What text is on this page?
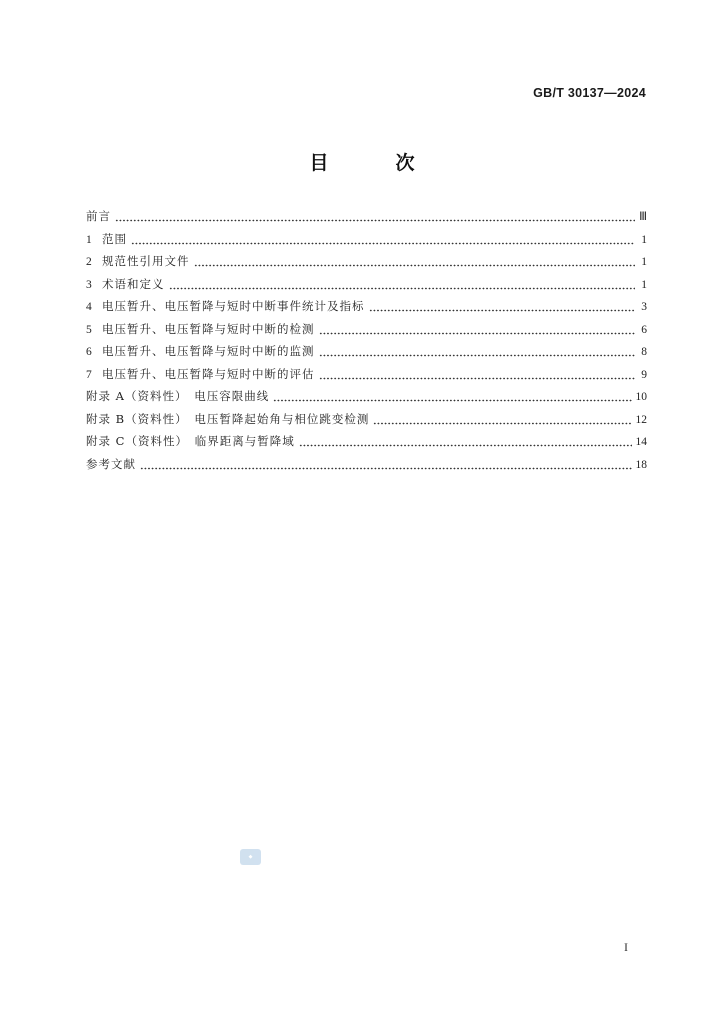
GB/T 30137—2024
目　次
前言	Ⅲ
1 范围	1
2 规范性引用文件	1
3 术语和定义	1
4 电压暂升、电压暂降与短时中断事件统计及指标	3
5 电压暂升、电压暂降与短时中断的检测	6
6 电压暂升、电压暂降与短时中断的监测	8
7 电压暂升、电压暂降与短时中断的评估	9
附录 A（资料性）　电压容限曲线	10
附录 B（资料性）　电压暂降起始角与相位跳变检测	12
附录 C（资料性）　临界距离与暂降域	14
参考文献	18
◆
I
